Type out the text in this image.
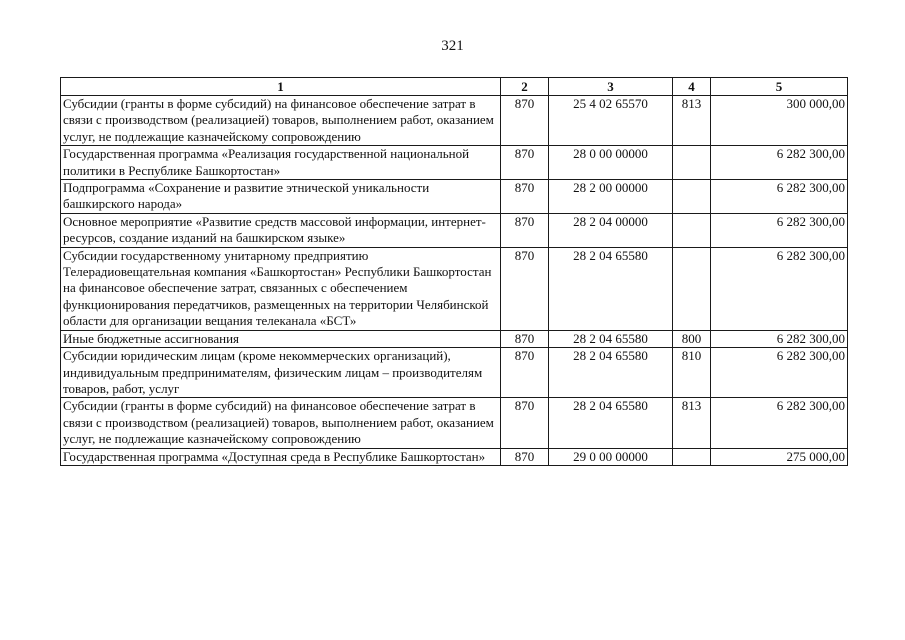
321
1	2	3	4	5
Субсидии (гранты в форме субсидий) на финансовое обеспечение затрат в связи с производством (реализацией) товаров, выполнением работ, оказанием услуг, не подлежащие казначейскому сопровождению	870	25 4 02 65570	813	300 000,00
Государственная программа «Реализация государственной национальной политики в Республике Башкортостан»	870	28 0 00 00000		6 282 300,00
Подпрограмма «Сохранение и развитие этнической уникальности башкирского народа»	870	28 2 00 00000		6 282 300,00
Основное мероприятие «Развитие средств массовой информации, интернет-ресурсов, создание изданий на башкирском языке»	870	28 2 04 00000		6 282 300,00
Субсидии государственному унитарному предприятию Телерадиовещательная компания «Башкортостан» Республики Башкортостан на финансовое обеспечение затрат, связанных с обеспечением функционирования передатчиков, размещенных на территории Челябинской области для организации вещания телеканала «БСТ»	870	28 2 04 65580		6 282 300,00
Иные бюджетные ассигнования	870	28 2 04 65580	800	6 282 300,00
Субсидии юридическим лицам (кроме некоммерческих организаций), индивидуальным предпринимателям, физическим лицам – производителям товаров, работ, услуг	870	28 2 04 65580	810	6 282 300,00
Субсидии (гранты в форме субсидий) на финансовое обеспечение затрат в связи с производством (реализацией) товаров, выполнением работ, оказанием услуг, не подлежащие казначейскому сопровождению	870	28 2 04 65580	813	6 282 300,00
Государственная программа «Доступная среда в Республике Башкортостан»	870	29 0 00 00000		275 000,00
